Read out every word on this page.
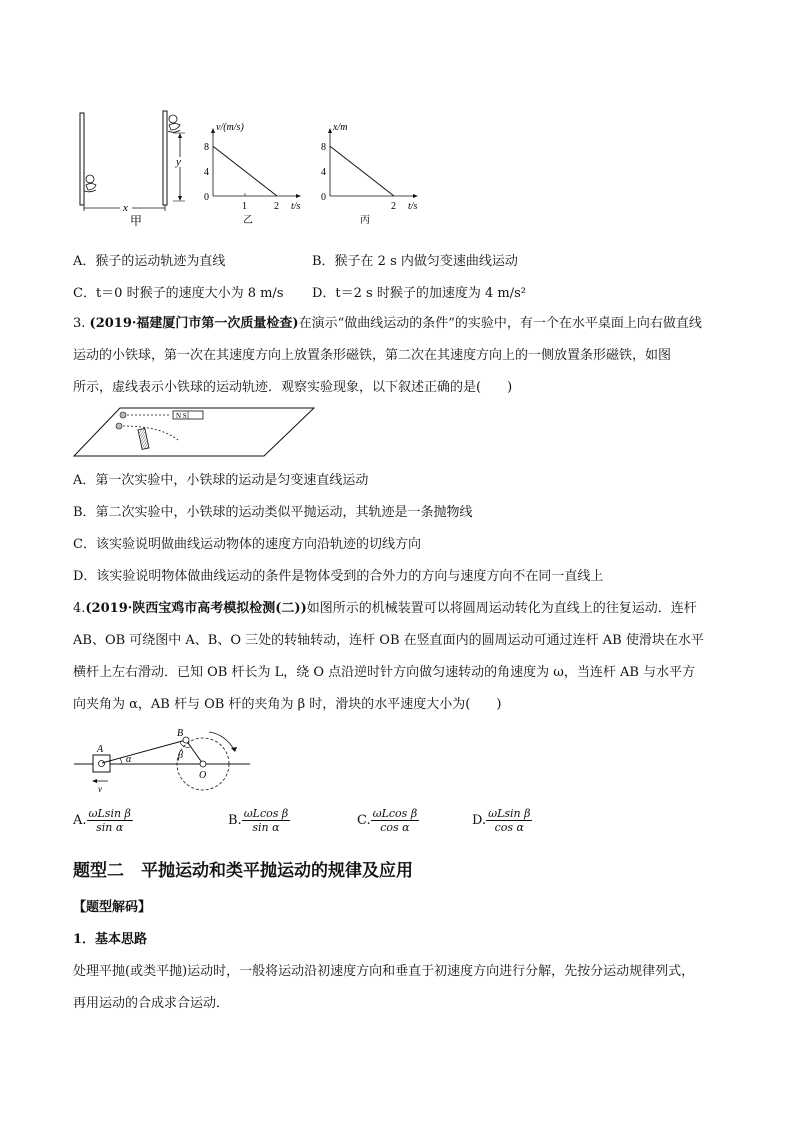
x
甲
y
8
4
0
1	2
v/(m/s)
t/s
乙
8
4
0
2
x/m
t/s
丙
A．猴子的运动轨迹为直线	B．猴子在 2 s 内做匀变速曲线运动
C．t＝0 时猴子的速度大小为 8 m/s D．t＝2 s 时猴子的加速度为 4 m/s²
3. (2019·福建厦门市第一次质量检查)在演示“做曲线运动的条件”的实验中，有一个在水平桌面上向右做直线
运动的小铁球，第一次在其速度方向上放置条形磁铁，第二次在其速度方向上的一侧放置条形磁铁，如图
所示，虚线表示小铁球的运动轨迹．观察实验现象，以下叙述正确的是(　　)
N S
A．第一次实验中，小铁球的运动是匀变速直线运动
B．第二次实验中，小铁球的运动类似平抛运动，其轨迹是一条抛物线
C．该实验说明做曲线运动物体的速度方向沿轨迹的切线方向
D．该实验说明物体做曲线运动的条件是物体受到的合外力的方向与速度方向不在同一直线上
4.(2019·陕西宝鸡市高考模拟检测(二))如图所示的机械装置可以将圆周运动转化为直线上的往复运动．连杆
AB、OB 可绕图中 A、B、O 三处的转轴转动，连杆 OB 在竖直面内的圆周运动可通过连杆 AB 使滑块在水平
横杆上左右滑动．已知 OB 杆长为 L，绕 O 点沿逆时针方向做匀速转动的角速度为 ω，当连杆 AB 与水平方
向夹角为 α，AB 杆与 OB 杆的夹角为 β 时，滑块的水平速度大小为(　　)
A
B
O
α	β
v
A. $\frac{\text{ωLsin β}}{\text{sin α}}$	B. $\frac{\text{ωLcos β}}{\text{sin α}}$	C. $\frac{\text{ωLcos β}}{\text{cos α}}$	D. $\frac{\text{ωLsin β}}{\text{cos α}}$
题型二　平抛运动和类平抛运动的规律及应用
【题型解码】
1．基本思路
处理平抛(或类平抛)运动时，一般将运动沿初速度方向和垂直于初速度方向进行分解，先按分运动规律列式，
再用运动的合成求合运动．
